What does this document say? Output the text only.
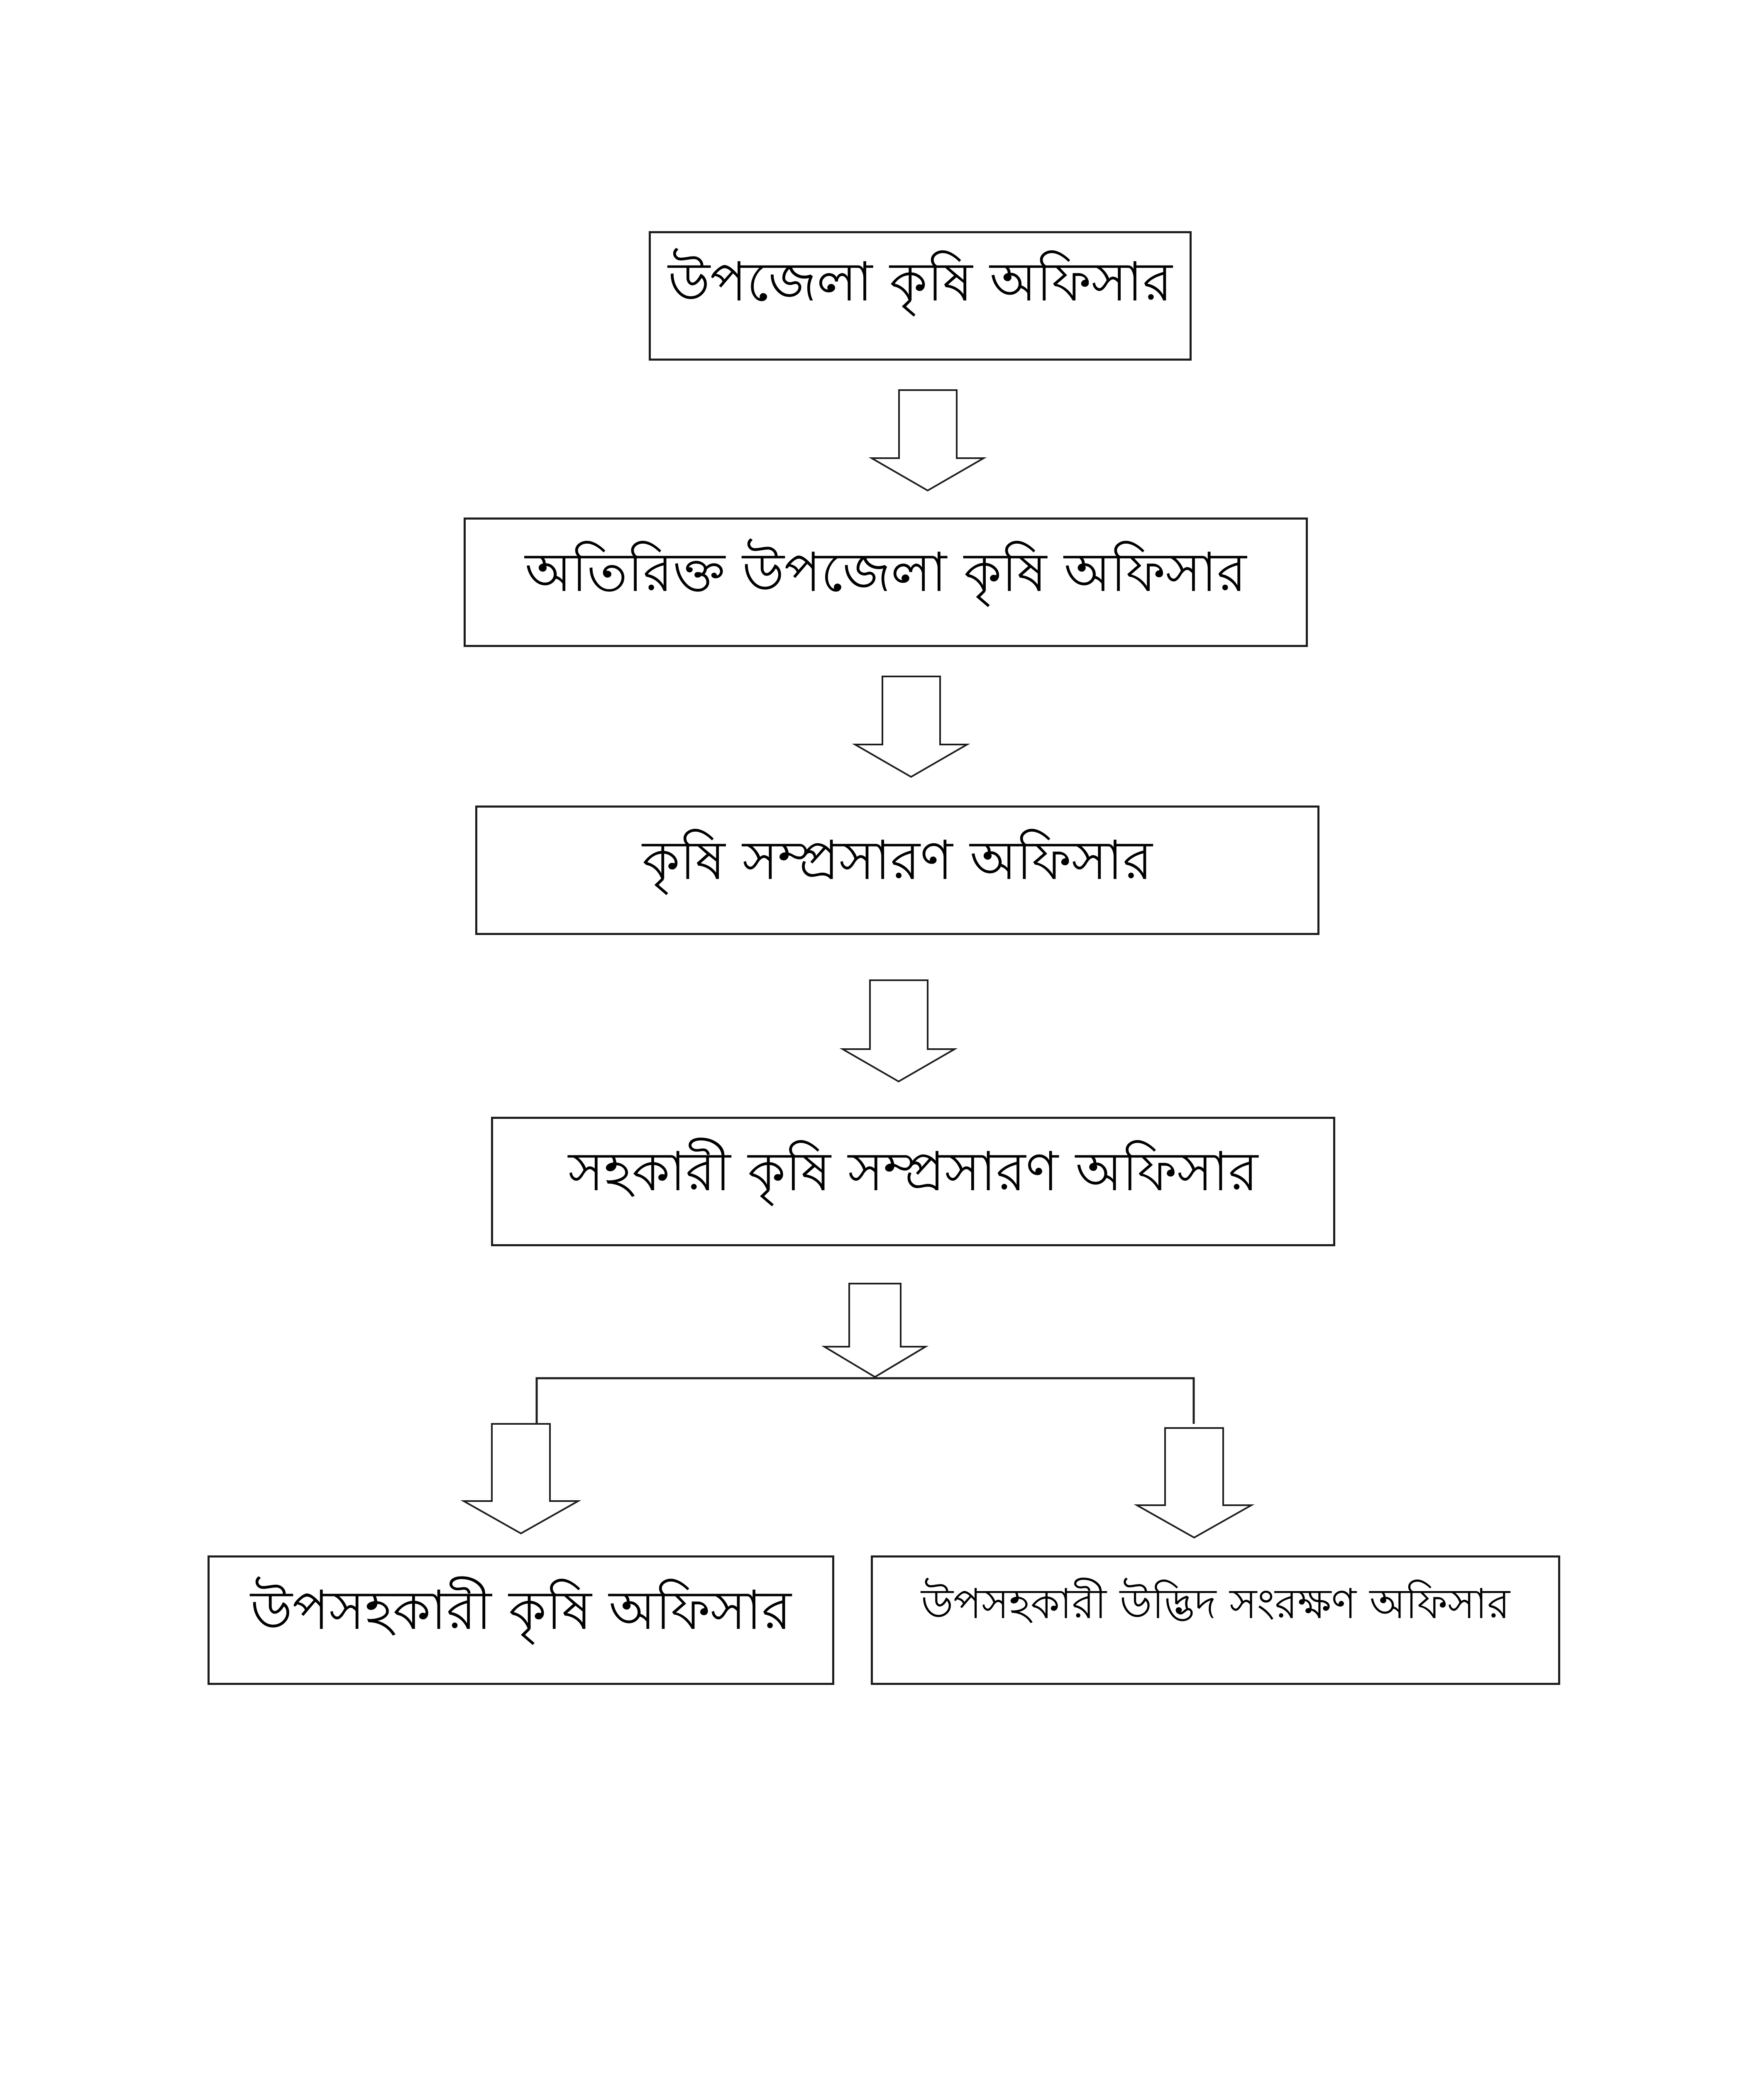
উপজেলা কৃষি অফিসার
অতিরিক্ত উপজেলা কৃষি অফিসার
কৃষি সম্প্রসারণ অফিসার
সহকারী কৃষি সম্প্রসারণ অফিসার
উপসহকারী কৃষি অফিসার	উপসহকারী উদ্ভিদ সংরক্ষণ অফিসার
